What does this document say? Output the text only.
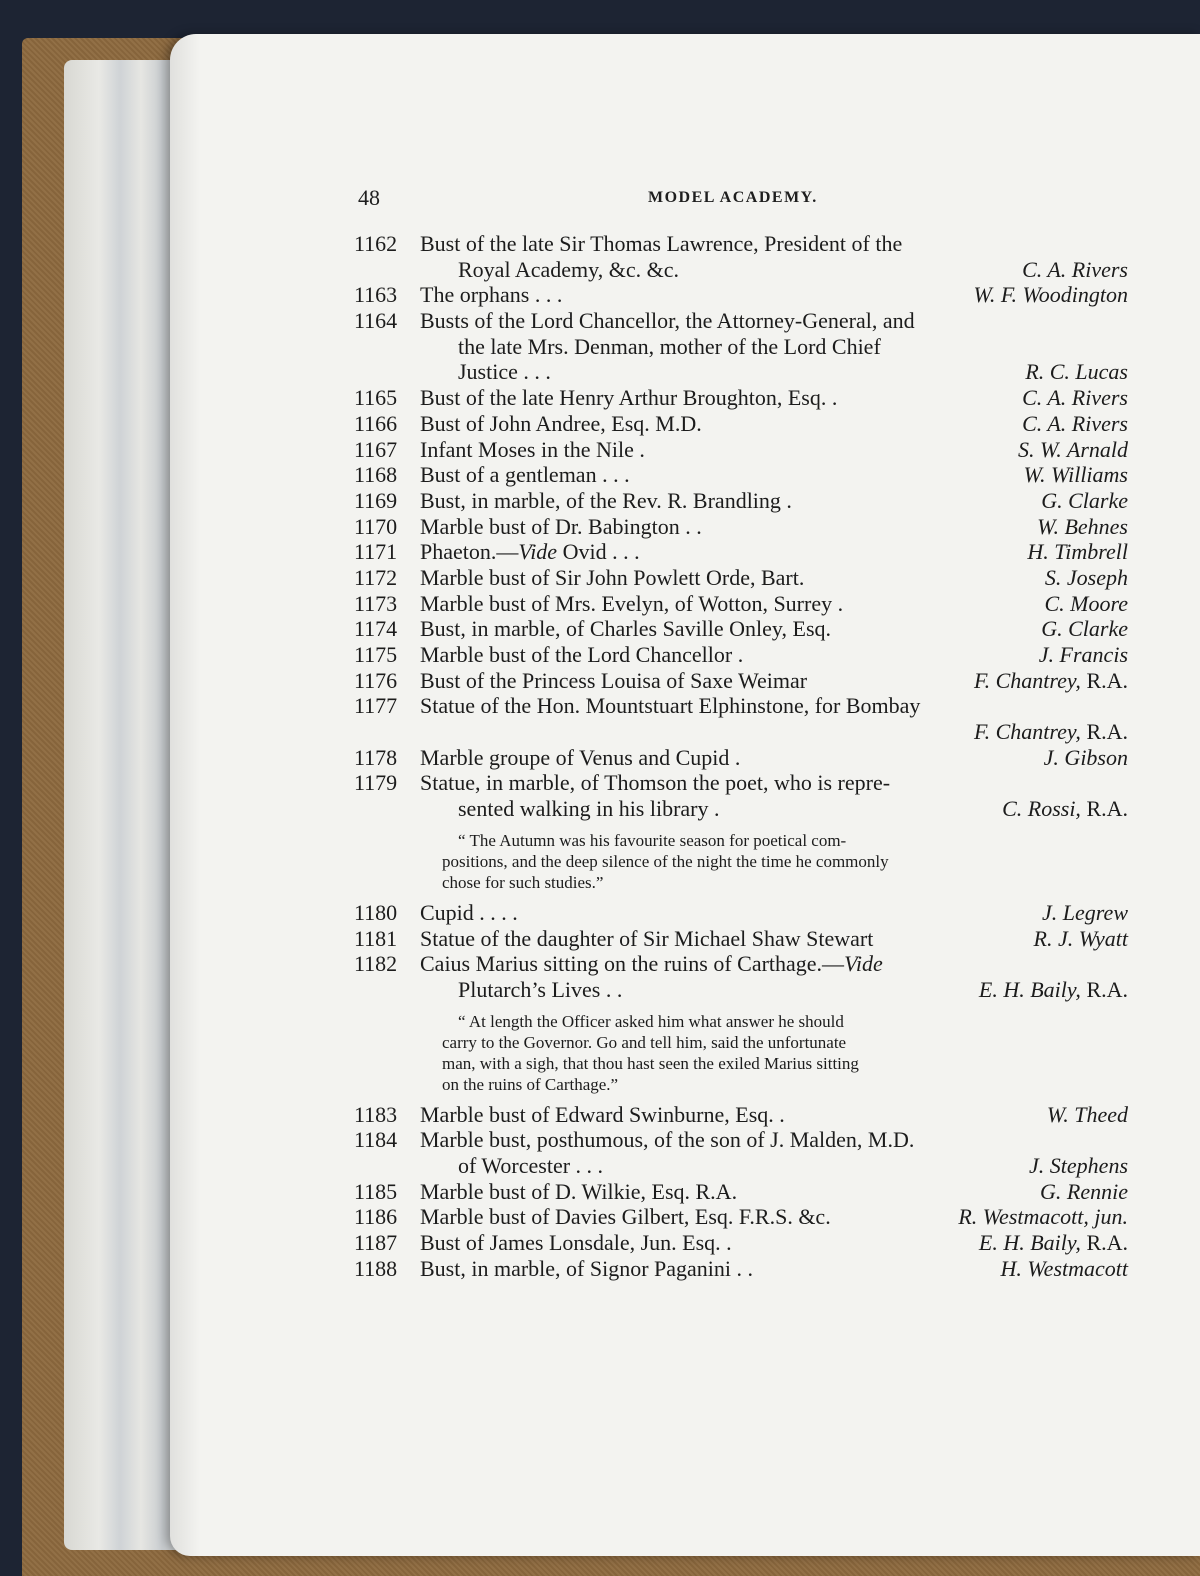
48	MODEL ACADEMY.
1162 Bust of the late Sir Thomas Lawrence, President of the
Royal Academy, &c. &c.	C. A. Rivers
1163 The orphans . . .	W. F. Woodington
1164 Busts of the Lord Chancellor, the Attorney-General, and
the late Mrs. Denman, mother of the Lord Chief
Justice . . .	R. C. Lucas
1165 Bust of the late Henry Arthur Broughton, Esq. .	C. A. Rivers
1166 Bust of John Andree, Esq. M.D.	C. A. Rivers
1167 Infant Moses in the Nile .	S. W. Arnald
1168 Bust of a gentleman . . .	W. Williams
1169 Bust, in marble, of the Rev. R. Brandling .	G. Clarke
1170 Marble bust of Dr. Babington . .	W. Behnes
1171 Phaeton.—Vide Ovid . . .	H. Timbrell
1172 Marble bust of Sir John Powlett Orde, Bart.	S. Joseph
1173 Marble bust of Mrs. Evelyn, of Wotton, Surrey .	C. Moore
1174 Bust, in marble, of Charles Saville Onley, Esq.	G. Clarke
1175 Marble bust of the Lord Chancellor .	J. Francis
1176 Bust of the Princess Louisa of Saxe Weimar	F. Chantrey, R.A.
1177 Statue of the Hon. Mountstuart Elphinstone, for Bombay
F. Chantrey, R.A.
1178 Marble groupe of Venus and Cupid .	J. Gibson
1179 Statue, in marble, of Thomson the poet, who is repre-
sented walking in his library .	C. Rossi, R.A.
“ The Autumn was his favourite season for poetical com-
positions, and the deep silence of the night the time he commonly
chose for such studies.”
1180 Cupid . . . .	J. Legrew
1181 Statue of the daughter of Sir Michael Shaw Stewart	R. J. Wyatt
1182 Caius Marius sitting on the ruins of Carthage.—Vide
Plutarch’s Lives . .	E. H. Baily, R.A.
“ At length the Officer asked him what answer he should
carry to the Governor. Go and tell him, said the unfortunate
man, with a sigh, that thou hast seen the exiled Marius sitting
on the ruins of Carthage.”
1183 Marble bust of Edward Swinburne, Esq. .	W. Theed
1184 Marble bust, posthumous, of the son of J. Malden, M.D.
of Worcester . . .	J. Stephens
1185 Marble bust of D. Wilkie, Esq. R.A.	G. Rennie
1186 Marble bust of Davies Gilbert, Esq. F.R.S. &c.	R. Westmacott, jun.
1187 Bust of James Lonsdale, Jun. Esq. .	E. H. Baily, R.A.
1188 Bust, in marble, of Signor Paganini . .	H. Westmacott
